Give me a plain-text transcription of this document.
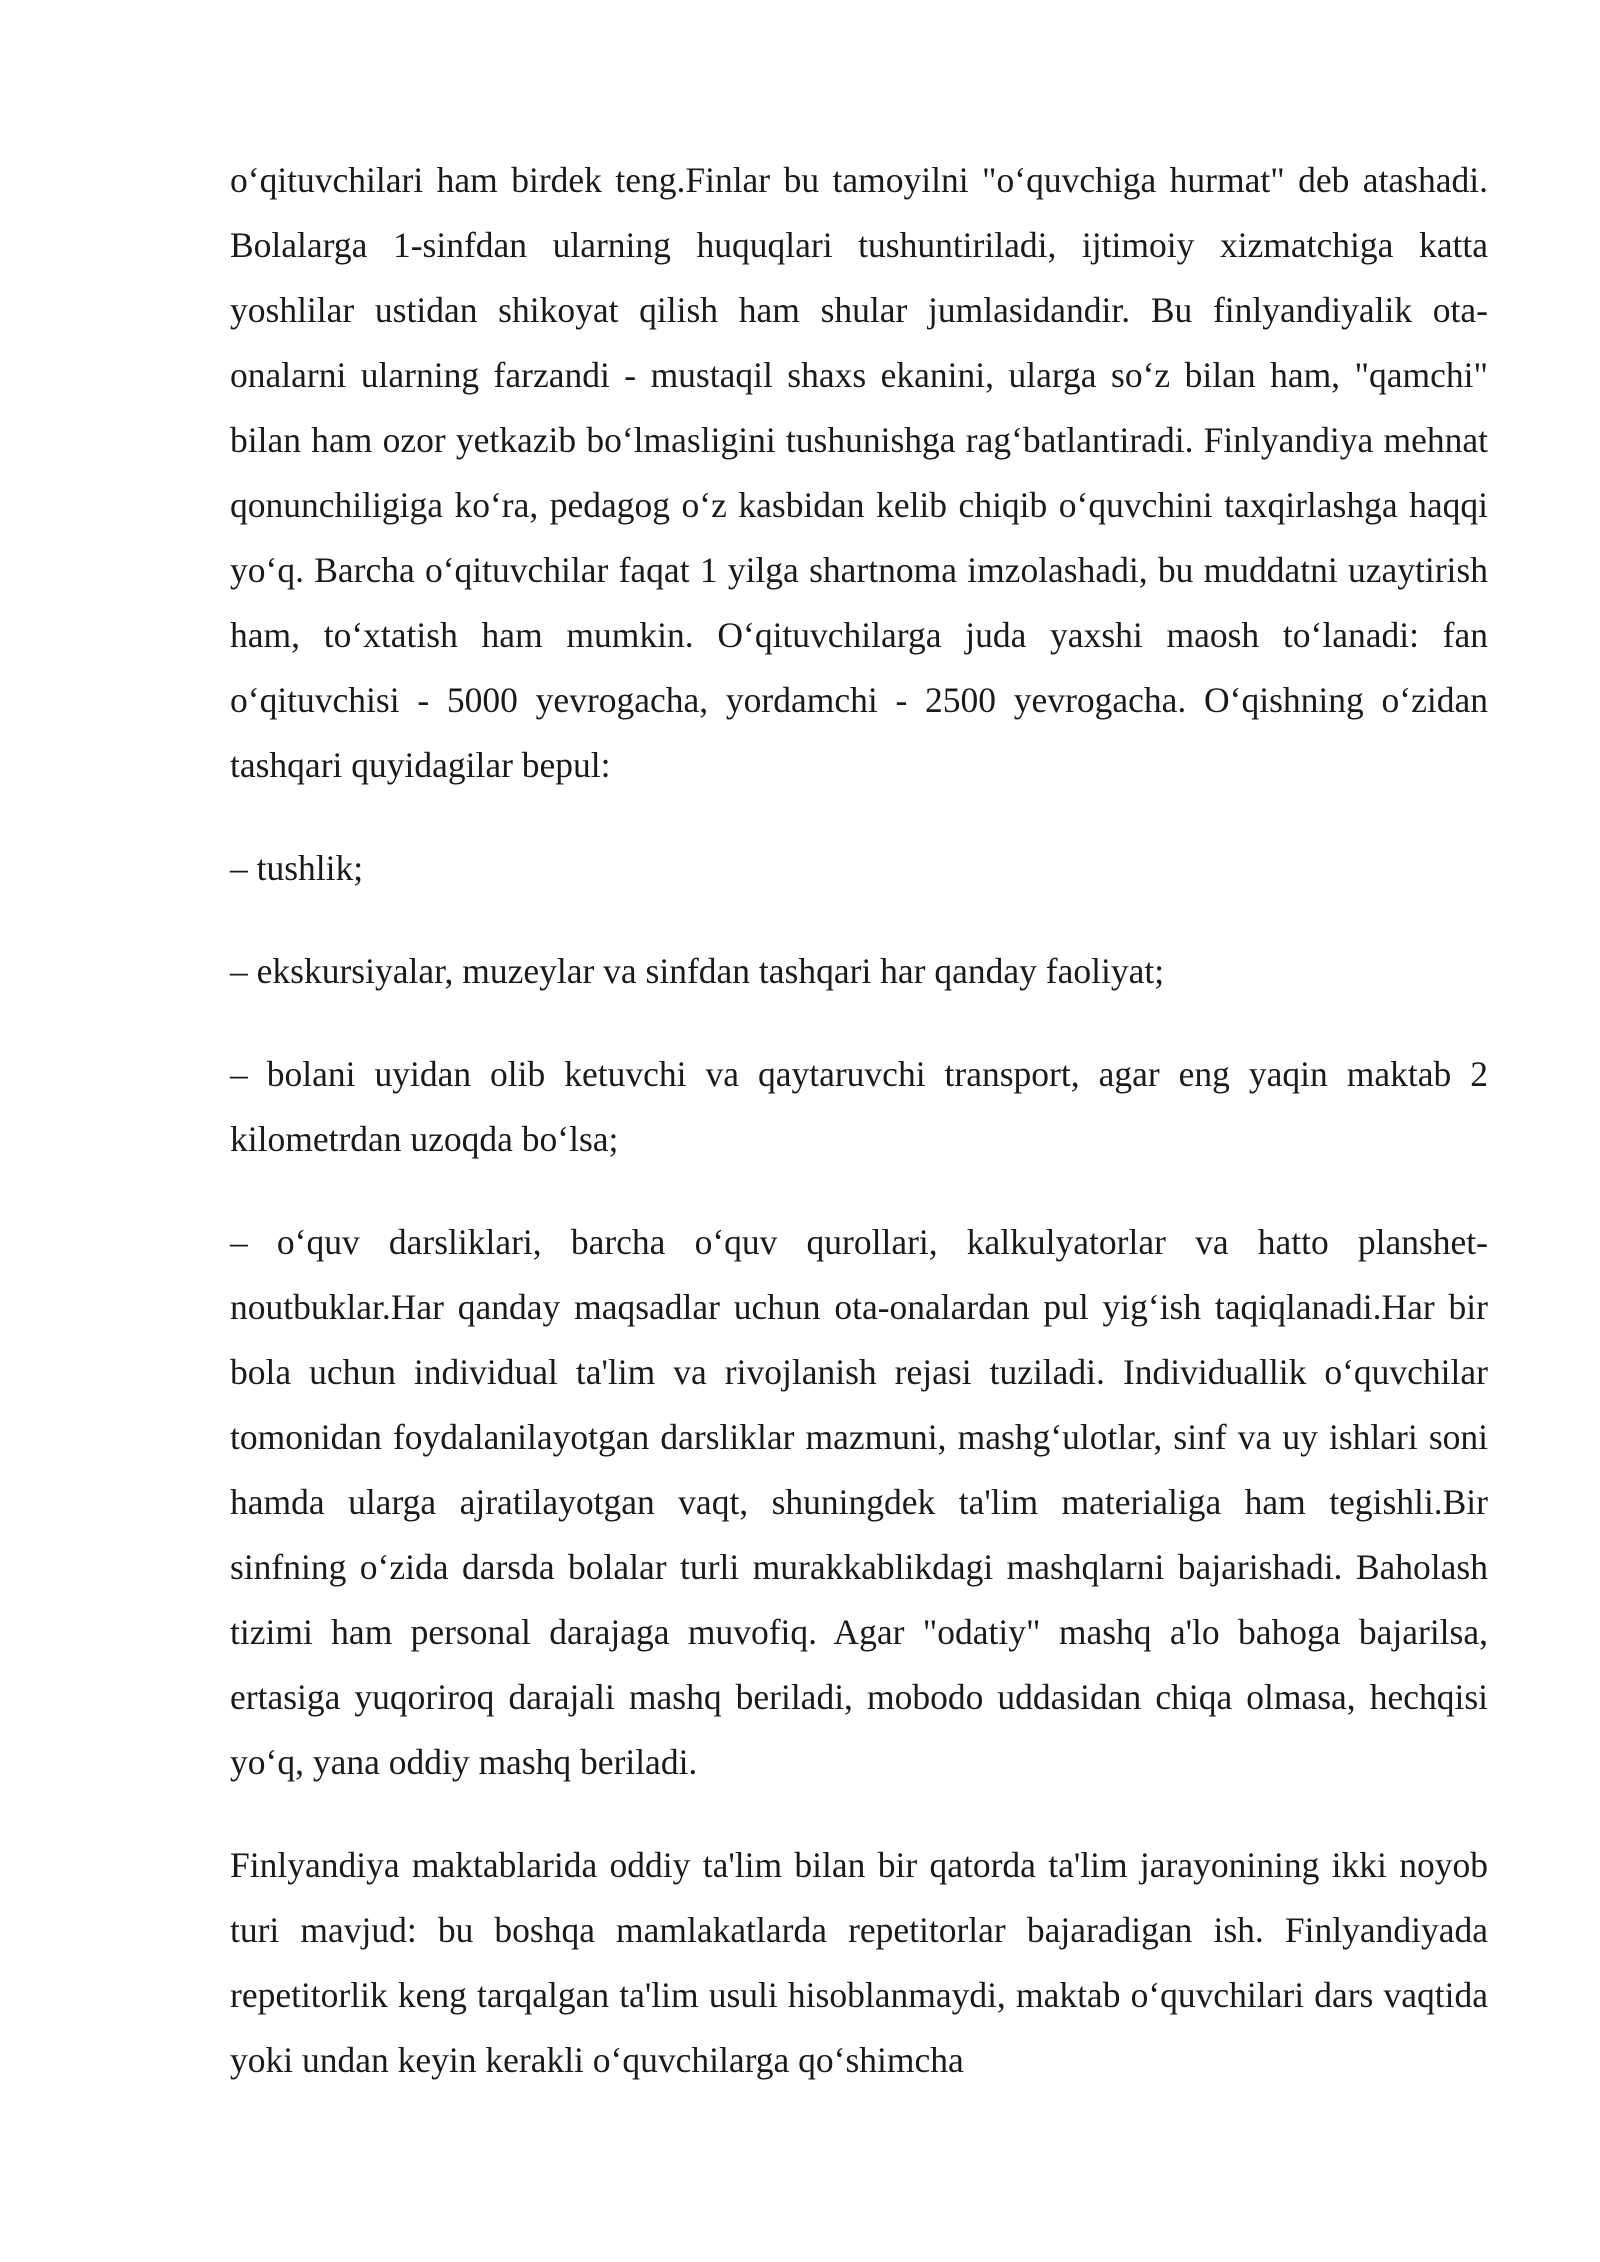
oʻqituvchilari ham birdek teng.Finlar bu tamoyilni "oʻquvchiga hurmat" deb atashadi. Bolalarga 1-sinfdan ularning huquqlari tushuntiriladi, ijtimoiy xizmatchiga katta yoshlilar ustidan shikoyat qilish ham shular jumlasidandir. Bu finlyandiyalik ota-onalarni ularning farzandi - mustaqil shaxs ekanini, ularga soʻz bilan ham, "qamchi" bilan ham ozor yetkazib boʻlmasligini tushunishga ragʻbatlantiradi. Finlyandiya mehnat qonunchiligiga koʻra, pedagog oʻz kasbidan kelib chiqib oʻquvchini taxqirlashga haqqi yoʻq. Barcha oʻqituvchilar faqat 1 yilga shartnoma imzolashadi, bu muddatni uzaytirish ham, toʻxtatish ham mumkin. Oʻqituvchilarga juda yaxshi maosh toʻlanadi: fan oʻqituvchisi - 5000 yevrogacha, yordamchi - 2500 yevrogacha. Oʻqishning oʻzidan tashqari quyidagilar bepul:

– tushlik;

– ekskursiyalar, muzeylar va sinfdan tashqari har qanday faoliyat;

– bolani uyidan olib ketuvchi va qaytaruvchi transport, agar eng yaqin maktab 2 kilometrdan uzoqda boʻlsa;

– oʻquv darsliklari, barcha oʻquv qurollari, kalkulyatorlar va hatto planshet-noutbuklar.Har qanday maqsadlar uchun ota-onalardan pul yigʻish taqiqlanadi.Har bir bola uchun individual ta'lim va rivojlanish rejasi tuziladi. Individuallik oʻquvchilar tomonidan foydalanilayotgan darsliklar mazmuni, mashgʻulotlar, sinf va uy ishlari soni hamda ularga ajratilayotgan vaqt, shuningdek ta'lim materialiga ham tegishli.Bir sinfning oʻzida darsda bolalar turli murakkablikdagi mashqlarni bajarishadi. Baholash tizimi ham personal darajaga muvofiq. Agar "odatiy" mashq a'lo bahoga bajarilsa, ertasiga yuqoriroq darajali mashq beriladi, mobodo uddasidan chiqa olmasa, hechqisi yoʻq, yana oddiy mashq beriladi.

Finlyandiya maktablarida oddiy ta'lim bilan bir qatorda ta'lim jarayonining ikki noyob turi mavjud: bu boshqa mamlakatlarda repetitorlar bajaradigan ish. Finlyandiyada repetitorlik keng tarqalgan ta'lim usuli hisoblanmaydi, maktab oʻquvchilari dars vaqtida yoki undan keyin kerakli oʻquvchilarga qoʻshimcha
